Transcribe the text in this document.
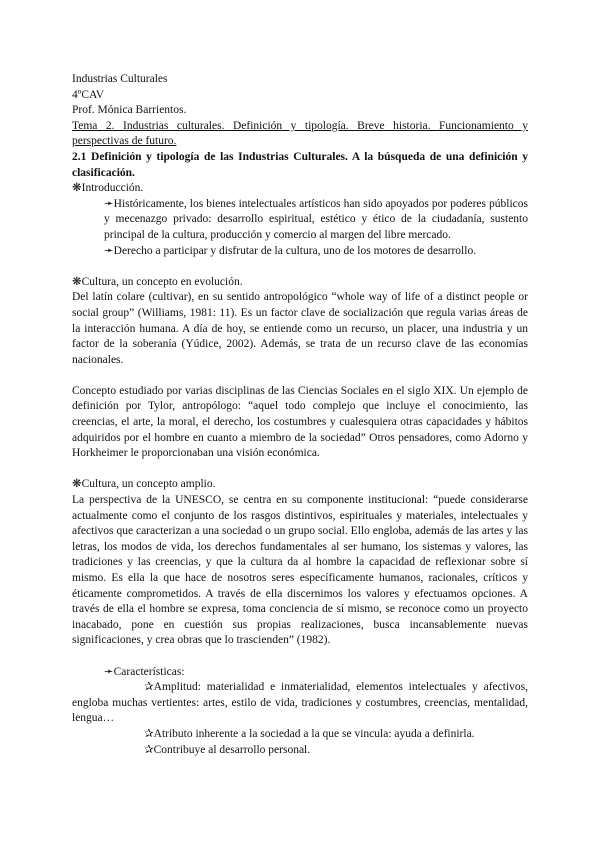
Industrias Culturales

4ºCAV

Prof. Mónica Barrientos.

Tema 2. Industrias culturales. Definición y tipología. Breve historia. Funcionamiento y perspectivas de futuro.

2.1 Definición y tipología de las Industrias Culturales. A la búsqueda de una definición y clasificación.

❋Introducción.

➛Históricamente, los bienes intelectuales artísticos han sido apoyados por poderes públicos y mecenazgo privado: desarrollo espiritual, estético y ético de la ciudadanía, sustento principal de la cultura, producción y comercio al margen del libre mercado.

➛Derecho a participar y disfrutar de la cultura, uno de los motores de desarrollo.

❋Cultura, un concepto en evolución.

Del latín colare (cultivar), en su sentido antropológico “whole way of life of a distinct people or social group” (Williams, 1981: 11). Es un factor clave de socialización que regula varias áreas de la interacción humana. A día de hoy, se entiende como un recurso, un placer, una industria y un factor de la soberanía (Yúdice, 2002). Además, se trata de un recurso clave de las economías nacionales.

Concepto estudiado por varias disciplinas de las Ciencias Sociales en el siglo XIX. Un ejemplo de definición por Tylor, antropólogo: “aquel todo complejo que incluye el conocimiento, las creencias, el arte, la moral, el derecho, los costumbres y cualesquiera otras capacidades y hábitos adquiridos por el hombre en cuanto a miembro de la sociedad” Otros pensadores, como Adorno y Horkheimer le proporcionaban una visión económica.

❋Cultura, un concepto amplio.

La perspectiva de la UNESCO, se centra en su componente institucional: “puede considerarse actualmente como el conjunto de los rasgos distintivos, espirituales y materiales, intelectuales y afectivos que caracterizan a una sociedad o un grupo social. Ello engloba, además de las artes y las letras, los modos de vida, los derechos fundamentales al ser humano, los sistemas y valores, las tradiciones y las creencias, y que la cultura da al hombre la capacidad de reflexionar sobre sí mismo. Es ella la que hace de nosotros seres específicamente humanos, racionales, críticos y éticamente comprometidos. A través de ella discernimos los valores y efectuamos opciones. A través de ella el hombre se expresa, toma conciencia de sí mismo, se reconoce como un proyecto inacabado, pone en cuestión sus propias realizaciones, busca incansablemente nuevas significaciones, y crea obras que lo trascienden” (1982).

➛Características:

✰Amplitud: materialidad e inmaterialidad, elementos intelectuales y afectivos, engloba muchas vertientes: artes, estilo de vida, tradiciones y costumbres, creencias, mentalidad, lengua…

✰Atributo inherente a la sociedad a la que se vincula: ayuda a definirla.

✰Contribuye al desarrollo personal.
